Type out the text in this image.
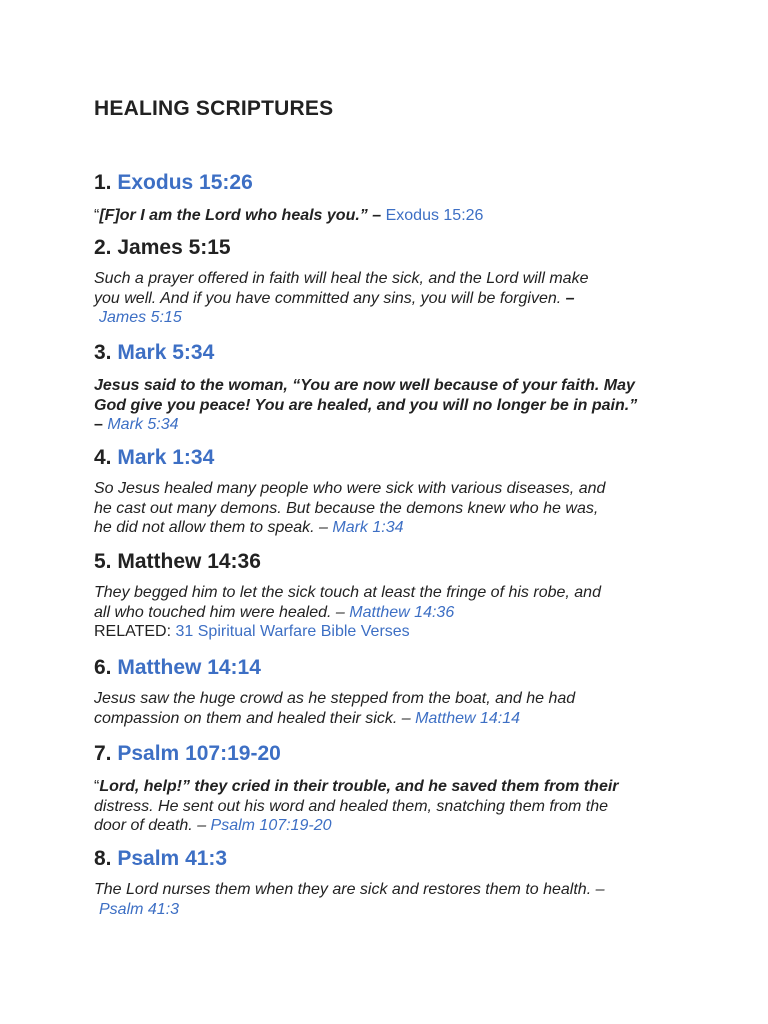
HEALING SCRIPTURES
1. Exodus 15:26
“[F]or I am the Lord who heals you.” – Exodus 15:26
2. James 5:15
Such a prayer offered in faith will heal the sick, and the Lord will make
you well. And if you have committed any sins, you will be forgiven. –
James 5:15
3. Mark 5:34
Jesus said to the woman, “You are now well because of your faith. May
God give you peace! You are healed, and you will no longer be in pain.”
– Mark 5:34
4. Mark 1:34
So Jesus healed many people who were sick with various diseases, and
he cast out many demons. But because the demons knew who he was,
he did not allow them to speak. – Mark 1:34
5. Matthew 14:36
They begged him to let the sick touch at least the fringe of his robe, and
all who touched him were healed. – Matthew 14:36
RELATED: 31 Spiritual Warfare Bible Verses
6. Matthew 14:14
Jesus saw the huge crowd as he stepped from the boat, and he had
compassion on them and healed their sick. – Matthew 14:14
7. Psalm 107:19-20
“Lord, help!” they cried in their trouble, and he saved them from their
distress. He sent out his word and healed them, snatching them from the
door of death. – Psalm 107:19-20
8. Psalm 41:3
The Lord nurses them when they are sick and restores them to health. –
Psalm 41:3
